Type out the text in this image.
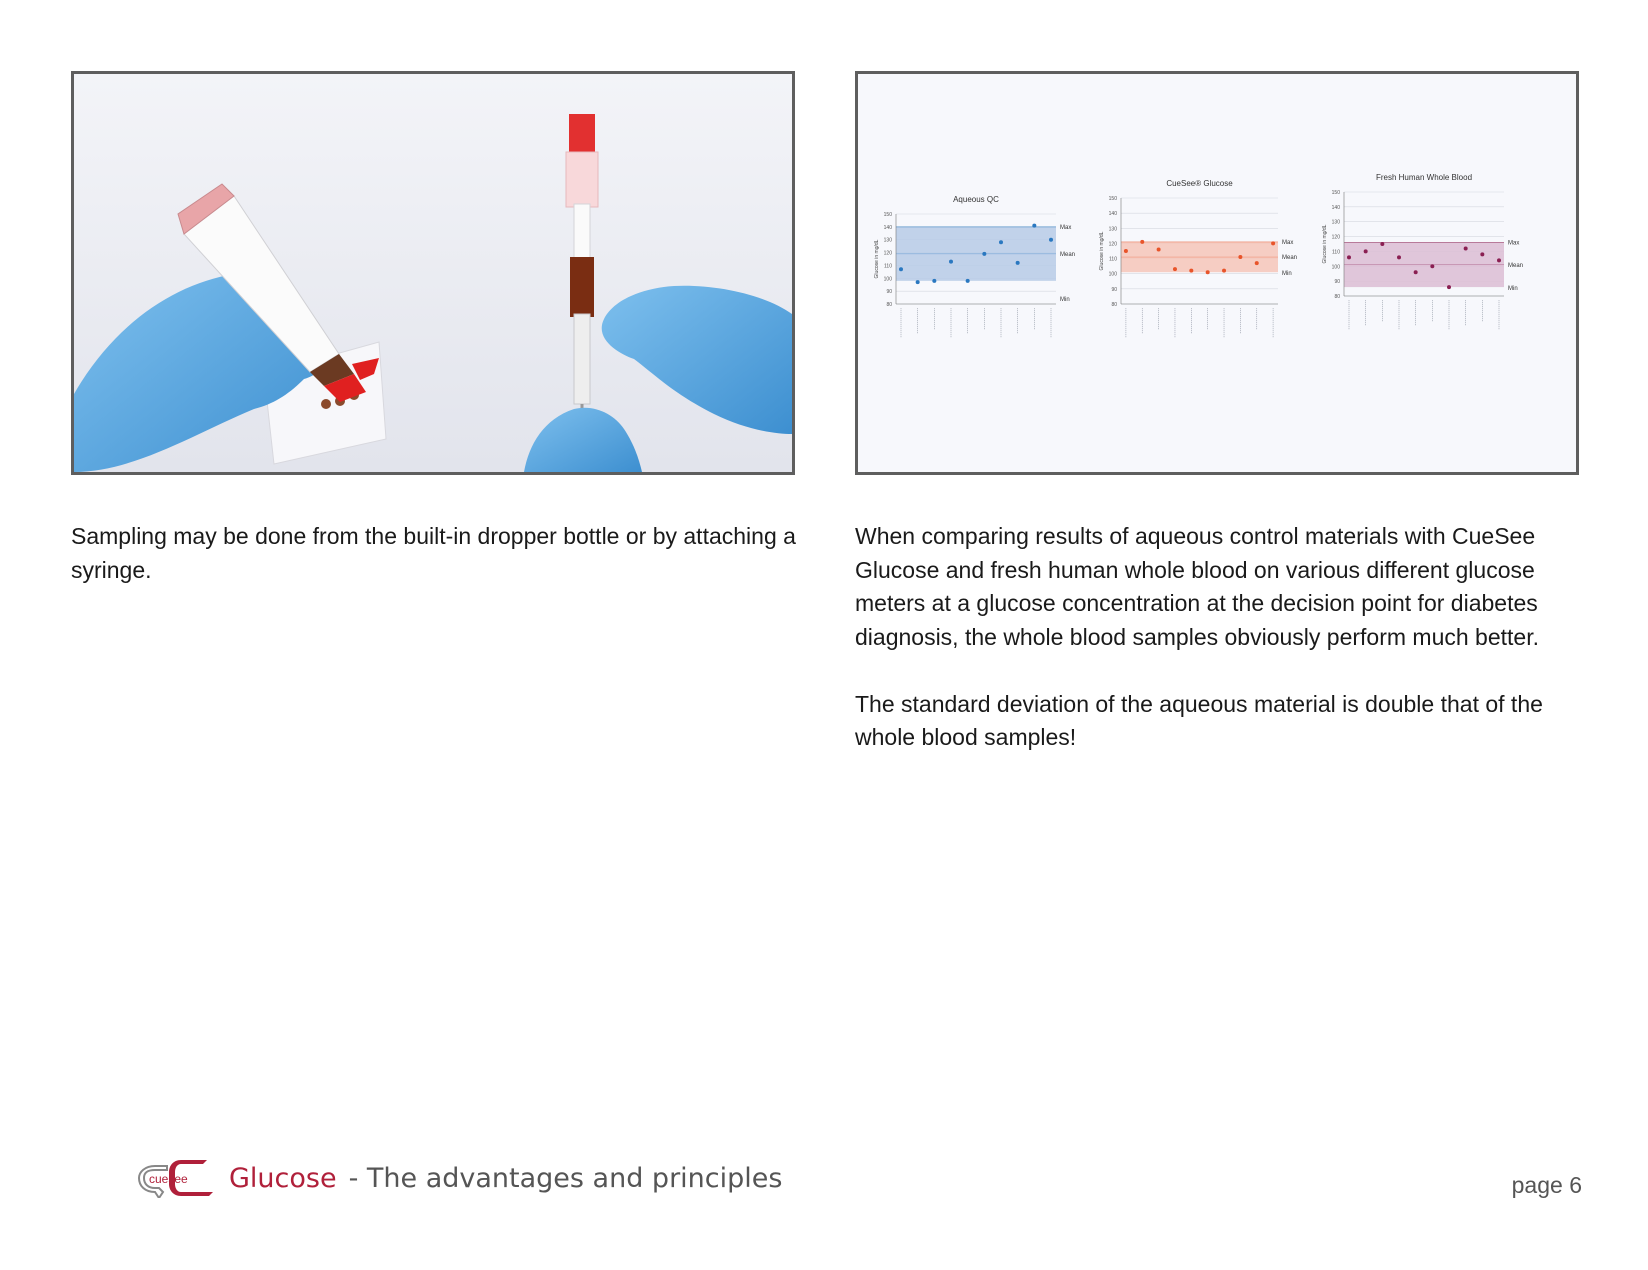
Aqueous QC
80
90
100
110
120
130
140
150
Max
Mean
Min
Glucose in mg/dL
CueSee® Glucose
80
90
100
110
120
130
140
150
Max
Mean
Min
Glucose in mg/dL
Fresh Human Whole Blood
80
90
100
110
120
130
140
150
Max
Mean
Min
Glucose in mg/dL

Sampling may be done from the built-in dropper bottle or by attaching a syringe.

When comparing results of aqueous control materials with CueSee Glucose and fresh human whole blood on various different glucose meters at a glucose concentration at the decision point for diabetes diagnosis, the whole blood samples obviously perform much better.

The standard deviation of the aqueous material is double that of the whole blood samples!

cuesee Glucose - The advantages and principles	page 6
